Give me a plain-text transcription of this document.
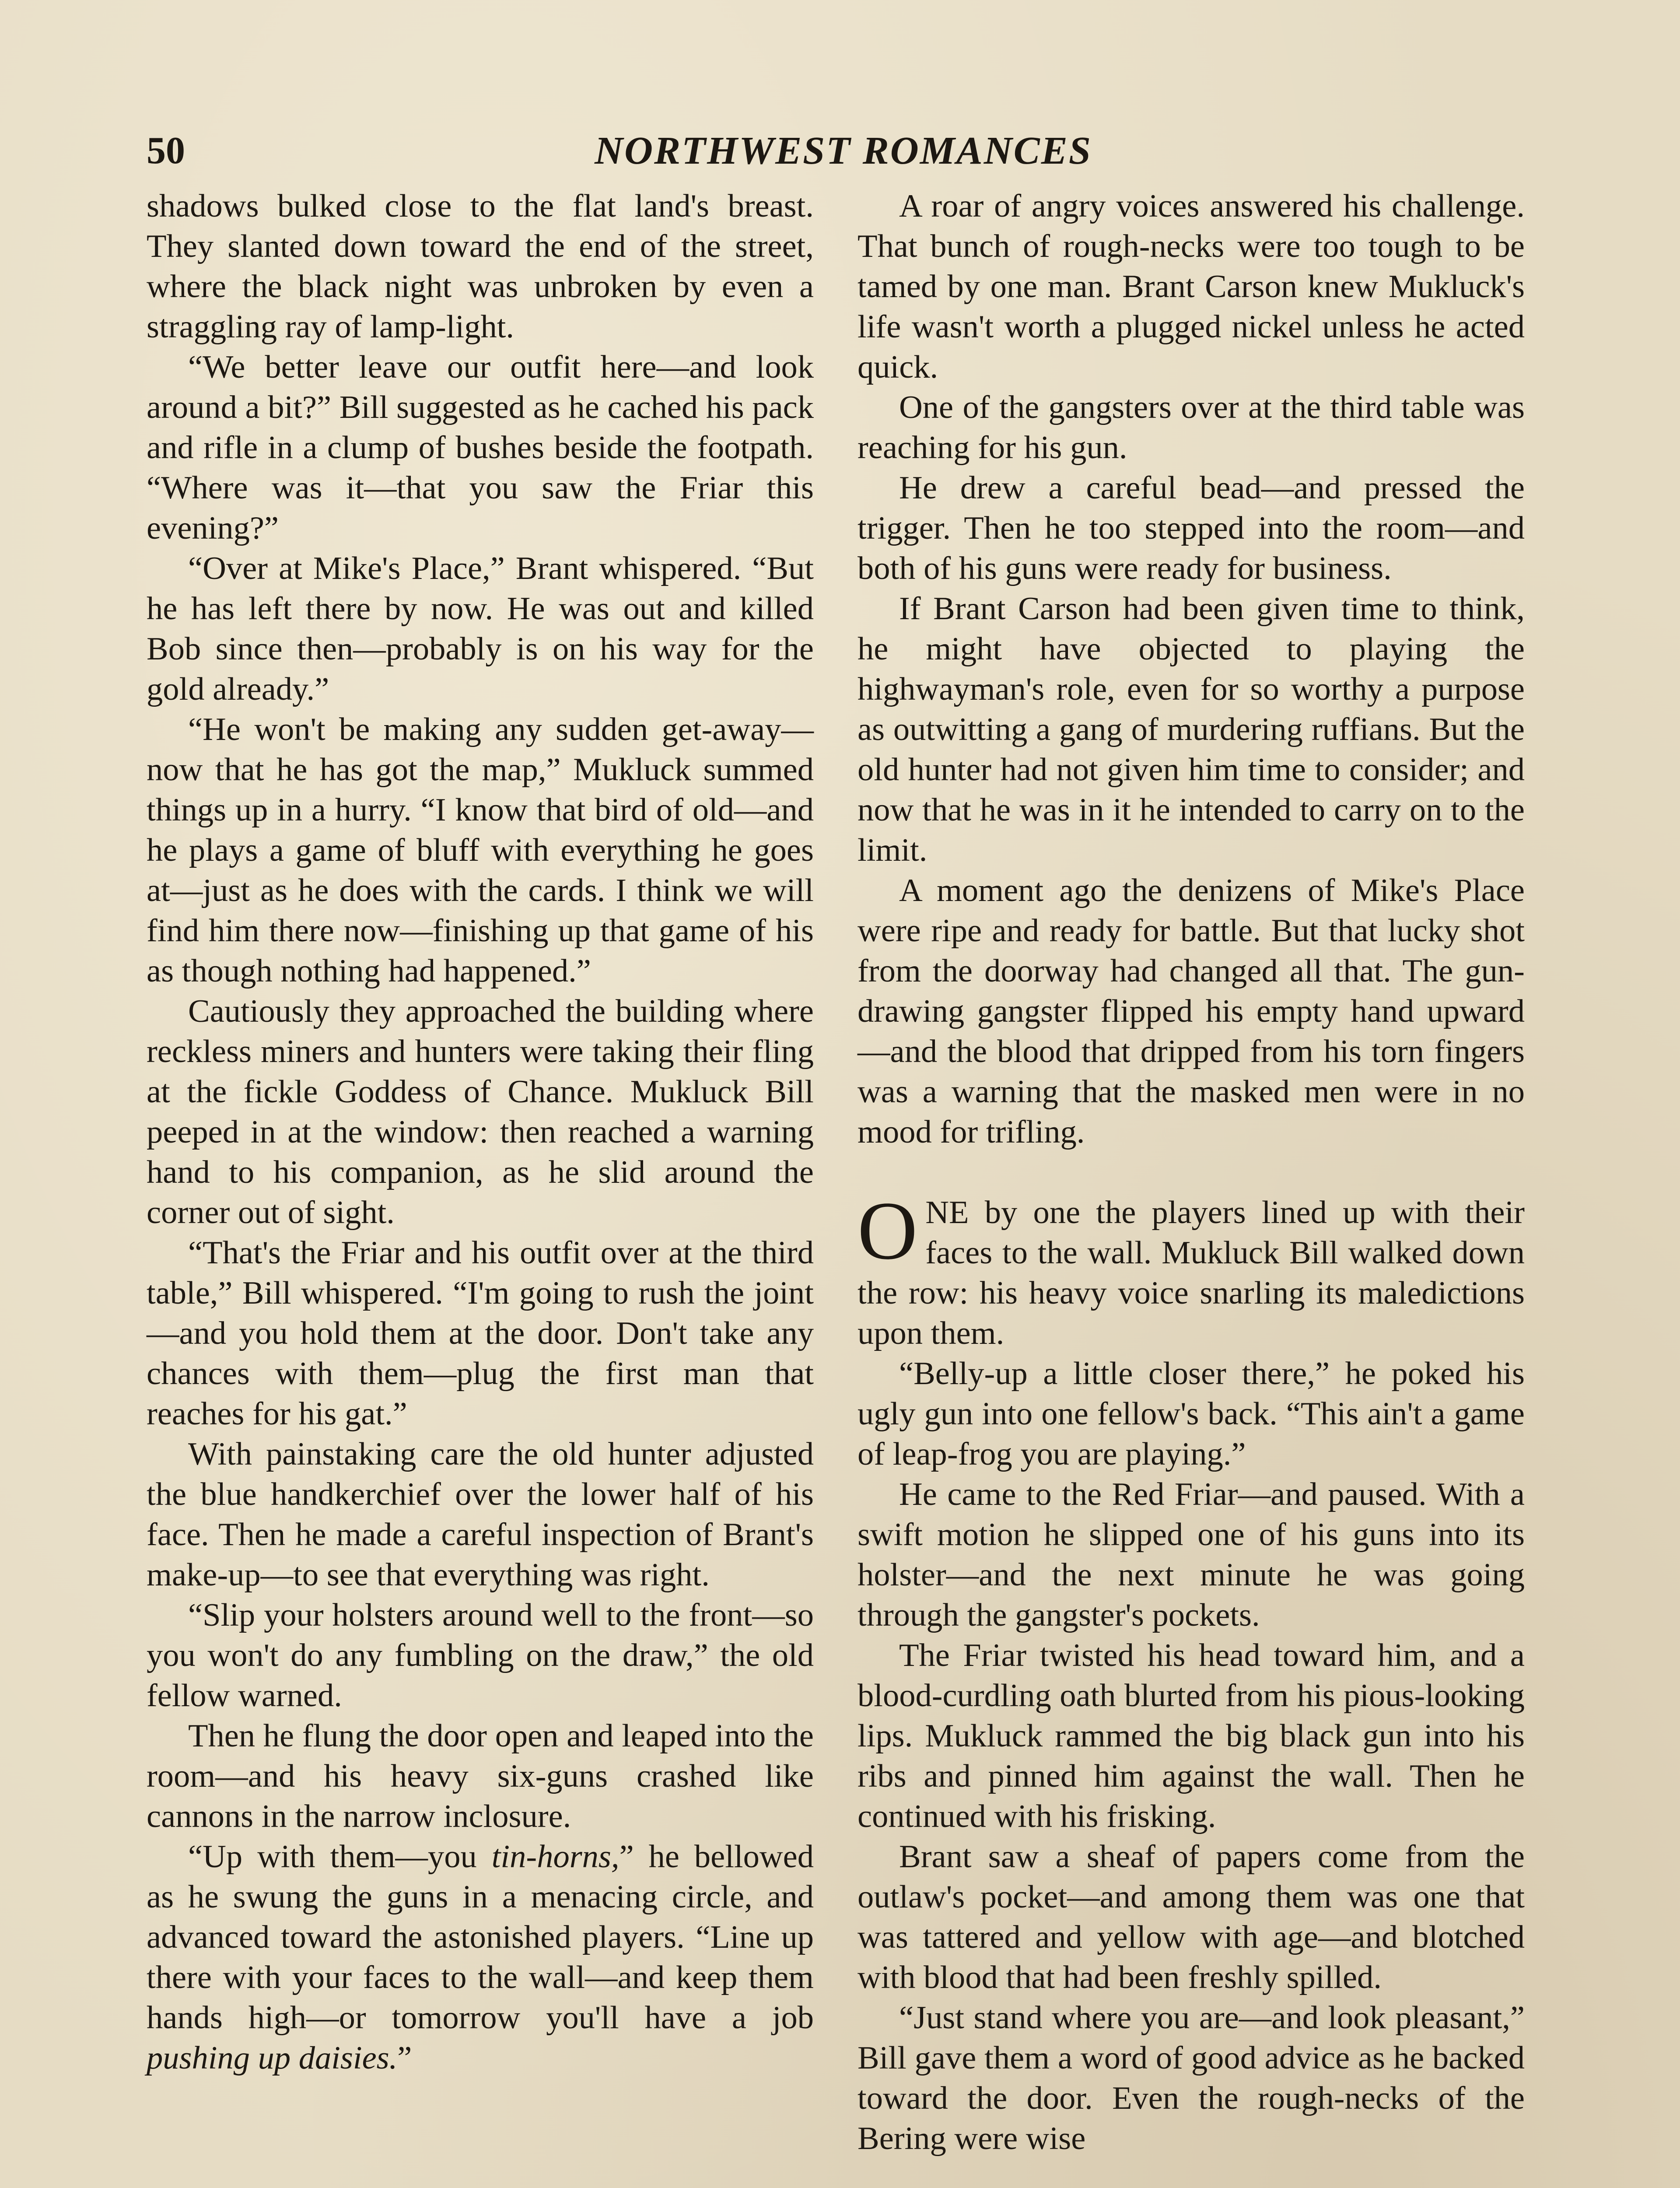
50	NORTHWEST ROMANCES

shadows bulked close to the flat land's breast. They slanted down toward the end of the street, where the black night was unbroken by even a straggling ray of lamp-light.

“We better leave our outfit here—and look around a bit?” Bill suggested as he cached his pack and rifle in a clump of bushes beside the footpath. “Where was it—that you saw the Friar this evening?”

“Over at Mike's Place,” Brant whispered. “But he has left there by now. He was out and killed Bob since then—probably is on his way for the gold already.”

“He won't be making any sudden get-away—now that he has got the map,” Mukluck summed things up in a hurry. “I know that bird of old—and he plays a game of bluff with everything he goes at—just as he does with the cards. I think we will find him there now—finishing up that game of his as though nothing had happened.”

Cautiously they approached the building where reckless miners and hunters were taking their fling at the fickle Goddess of Chance. Mukluck Bill peeped in at the window: then reached a warning hand to his companion, as he slid around the corner out of sight.

“That's the Friar and his outfit over at the third table,” Bill whispered. “I'm going to rush the joint—and you hold them at the door. Don't take any chances with them—plug the first man that reaches for his gat.”

With painstaking care the old hunter adjusted the blue handkerchief over the lower half of his face. Then he made a careful inspection of Brant's make-up—to see that everything was right.

“Slip your holsters around well to the front—so you won't do any fumbling on the draw,” the old fellow warned.

Then he flung the door open and leaped into the room—and his heavy six-guns crashed like cannons in the narrow inclosure.

“Up with them—you tin-horns,” he bellowed as he swung the guns in a menacing circle, and advanced toward the astonished players. “Line up there with your faces to the wall—and keep them hands high—or tomorrow you'll have a job pushing up daisies.”

A roar of angry voices answered his challenge. That bunch of rough-necks were too tough to be tamed by one man. Brant Carson knew Mukluck's life wasn't worth a plugged nickel unless he acted quick.

One of the gangsters over at the third table was reaching for his gun.

He drew a careful bead—and pressed the trigger. Then he too stepped into the room—and both of his guns were ready for business.

If Brant Carson had been given time to think, he might have objected to playing the highwayman's role, even for so worthy a purpose as outwitting a gang of murdering ruffians. But the old hunter had not given him time to consider; and now that he was in it he intended to carry on to the limit.

A moment ago the denizens of Mike's Place were ripe and ready for battle. But that lucky shot from the doorway had changed all that. The gun-drawing gangster flipped his empty hand upward—and the blood that dripped from his torn fingers was a warning that the masked men were in no mood for trifling.

ONE by one the players lined up with their faces to the wall. Mukluck Bill walked down the row: his heavy voice snarling its maledictions upon them.

“Belly-up a little closer there,” he poked his ugly gun into one fellow's back. “This ain't a game of leap-frog you are playing.”

He came to the Red Friar—and paused. With a swift motion he slipped one of his guns into its holster—and the next minute he was going through the gangster's pockets.

The Friar twisted his head toward him, and a blood-curdling oath blurted from his pious-looking lips. Mukluck rammed the big black gun into his ribs and pinned him against the wall. Then he continued with his frisking.

Brant saw a sheaf of papers come from the outlaw's pocket—and among them was one that was tattered and yellow with age—and blotched with blood that had been freshly spilled.

“Just stand where you are—and look pleasant,” Bill gave them a word of good advice as he backed toward the door. Even the rough-necks of the Bering were wise
